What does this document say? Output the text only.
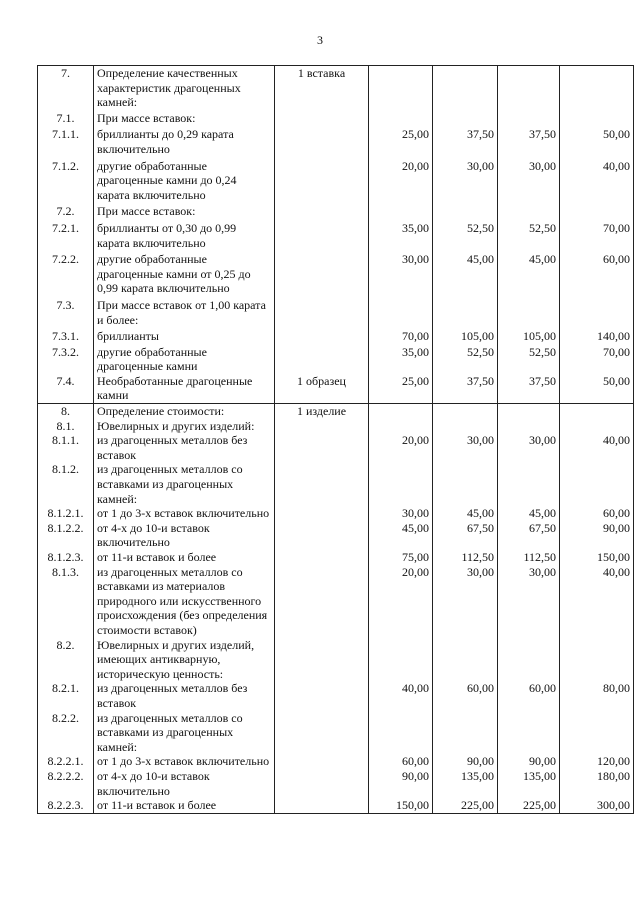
3
7.	Определение качественных характеристик драгоценных камней:	1 вставка				
7.1.	При массе вставок:					
7.1.1.	бриллианты до 0,29 карата включительно		25,00	37,50	37,50	50,00
7.1.2.	другие обработанные драгоценные камни до 0,24 карата включительно		20,00	30,00	30,00	40,00
7.2.	При массе вставок:					
7.2.1.	бриллианты от 0,30 до 0,99 карата включительно		35,00	52,50	52,50	70,00
7.2.2.	другие обработанные драгоценные камни от 0,25 до 0,99 карата включительно		30,00	45,00	45,00	60,00
7.3.	При массе вставок от 1,00 карата и более:					
7.3.1.	бриллианты		70,00	105,00	105,00	140,00
7.3.2.	другие обработанные драгоценные камни		35,00	52,50	52,50	70,00
7.4.	Необработанные драгоценные камни	1 образец	25,00	37,50	37,50	50,00
8.	Определение стоимости:	1 изделие				
8.1.	Ювелирных и других изделий:					
8.1.1.	из драгоценных металлов без вставок		20,00	30,00	30,00	40,00
8.1.2.	из драгоценных металлов со вставками из драгоценных камней:					
8.1.2.1.	от 1 до 3-х вставок включительно		30,00	45,00	45,00	60,00
8.1.2.2.	от 4-х до 10-и вставок включительно		45,00	67,50	67,50	90,00
8.1.2.3.	от 11-и вставок и более		75,00	112,50	112,50	150,00
8.1.3.	из драгоценных металлов со вставками из материалов природного или искусственного происхождения (без определения стоимости вставок)		20,00	30,00	30,00	40,00
8.2.	Ювелирных и других изделий, имеющих антикварную, историческую ценность:					
8.2.1.	из драгоценных металлов без вставок		40,00	60,00	60,00	80,00
8.2.2.	из драгоценных металлов со вставками из драгоценных камней:					
8.2.2.1.	от 1 до 3-х вставок включительно		60,00	90,00	90,00	120,00
8.2.2.2.	от 4-х до 10-и вставок включительно		90,00	135,00	135,00	180,00
8.2.2.3.	от 11-и вставок и более		150,00	225,00	225,00	300,00
